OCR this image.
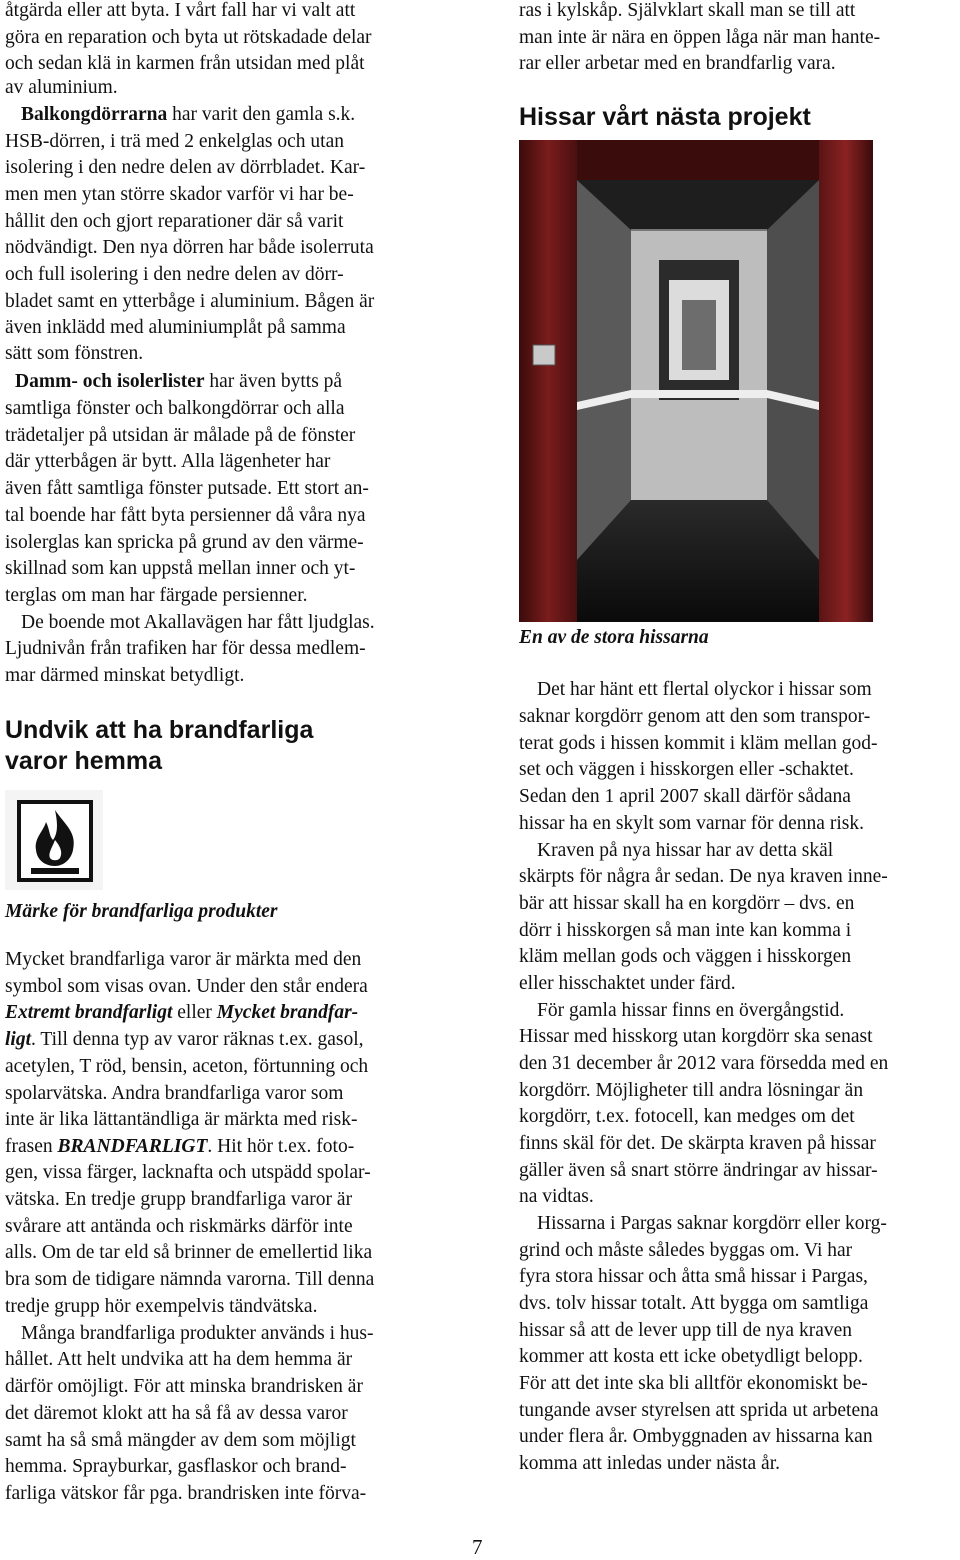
åtgärda eller att byta. I vårt fall har vi valt att
göra en reparation och byta ut rötskadade delar
och sedan klä in karmen från utsidan med plåt
av aluminium.
Balkongdörrarna har varit den gamla s.k.
HSB-dörren, i trä med 2 enkelglas och utan
isolering i den nedre delen av dörrbladet. Kar-
men men ytan större skador varför vi har be-
hållit den och gjort reparationer där så varit
nödvändigt. Den nya dörren har både isolerruta
och full isolering i den nedre delen av dörr-
bladet samt en ytterbåge i aluminium. Bågen är
även inklädd med aluminiumplåt på samma
sätt som fönstren.
Damm- och isolerlister har även bytts på
samtliga fönster och balkongdörrar och alla
trädetaljer på utsidan är målade på de fönster
där ytterbågen är bytt. Alla lägenheter har
även fått samtliga fönster putsade. Ett stort an-
tal boende har fått byta persienner då våra nya
isolerglas kan spricka på grund av den värme-
skillnad som kan uppstå mellan inner och yt-
terglas om man har färgade persienner.
De boende mot Akallavägen har fått ljudglas.
Ljudnivån från trafiken har för dessa medlem-
mar därmed minskat betydligt.
Undvik att ha brandfarliga
varor hemma
Märke för brandfarliga produkter
Mycket brandfarliga varor är märkta med den
symbol som visas ovan. Under den står endera
Extremt brandfarligt eller Mycket brandfar-
ligt. Till denna typ av varor räknas t.ex. gasol,
acetylen, T röd, bensin, aceton, förtunning och
spolarvätska. Andra brandfarliga varor som
inte är lika lättantändliga är märkta med risk-
frasen BRANDFARLIGT. Hit hör t.ex. foto-
gen, vissa färger, lacknafta och utspädd spolar-
vätska. En tredje grupp brandfarliga varor är
svårare att antända och riskmärks därför inte
alls. Om de tar eld så brinner de emellertid lika
bra som de tidigare nämnda varorna. Till denna
tredje grupp hör exempelvis tändvätska.
Många brandfarliga produkter används i hus-
hållet. Att helt undvika att ha dem hemma är
därför omöjligt. För att minska brandrisken är
det däremot klokt att ha så få av dessa varor
samt ha så små mängder av dem som möjligt
hemma. Sprayburkar, gasflaskor och brand-
farliga vätskor får pga. brandrisken inte förva-
ras i kylskåp. Självklart skall man se till att
man inte är nära en öppen låga när man hante-
rar eller arbetar med en brandfarlig vara.
Hissar vårt nästa projekt
En av de stora hissarna
Det har hänt ett flertal olyckor i hissar som
saknar korgdörr genom att den som transpor-
terat gods i hissen kommit i kläm mellan god-
set och väggen i hisskorgen eller -schaktet.
Sedan den 1 april 2007 skall därför sådana
hissar ha en skylt som varnar för denna risk.
Kraven på nya hissar har av detta skäl
skärpts för några år sedan. De nya kraven inne-
bär att hissar skall ha en korgdörr – dvs. en
dörr i hisskorgen så man inte kan komma i
kläm mellan gods och väggen i hisskorgen
eller hisschaktet under färd.
För gamla hissar finns en övergångstid.
Hissar med hisskorg utan korgdörr ska senast
den 31 december år 2012 vara försedda med en
korgdörr. Möjligheter till andra lösningar än
korgdörr, t.ex. fotocell, kan medges om det
finns skäl för det. De skärpta kraven på hissar
gäller även så snart större ändringar av hissar-
na vidtas.
Hissarna i Pargas saknar korgdörr eller korg-
grind och måste således byggas om. Vi har
fyra stora hissar och åtta små hissar i Pargas,
dvs. tolv hissar totalt. Att bygga om samtliga
hissar så att de lever upp till de nya kraven
kommer att kosta ett icke obetydligt belopp.
För att det inte ska bli alltför ekonomiskt be-
tungande avser styrelsen att sprida ut arbetena
under flera år. Ombyggnaden av hissarna kan
komma att inledas under nästa år.
7
